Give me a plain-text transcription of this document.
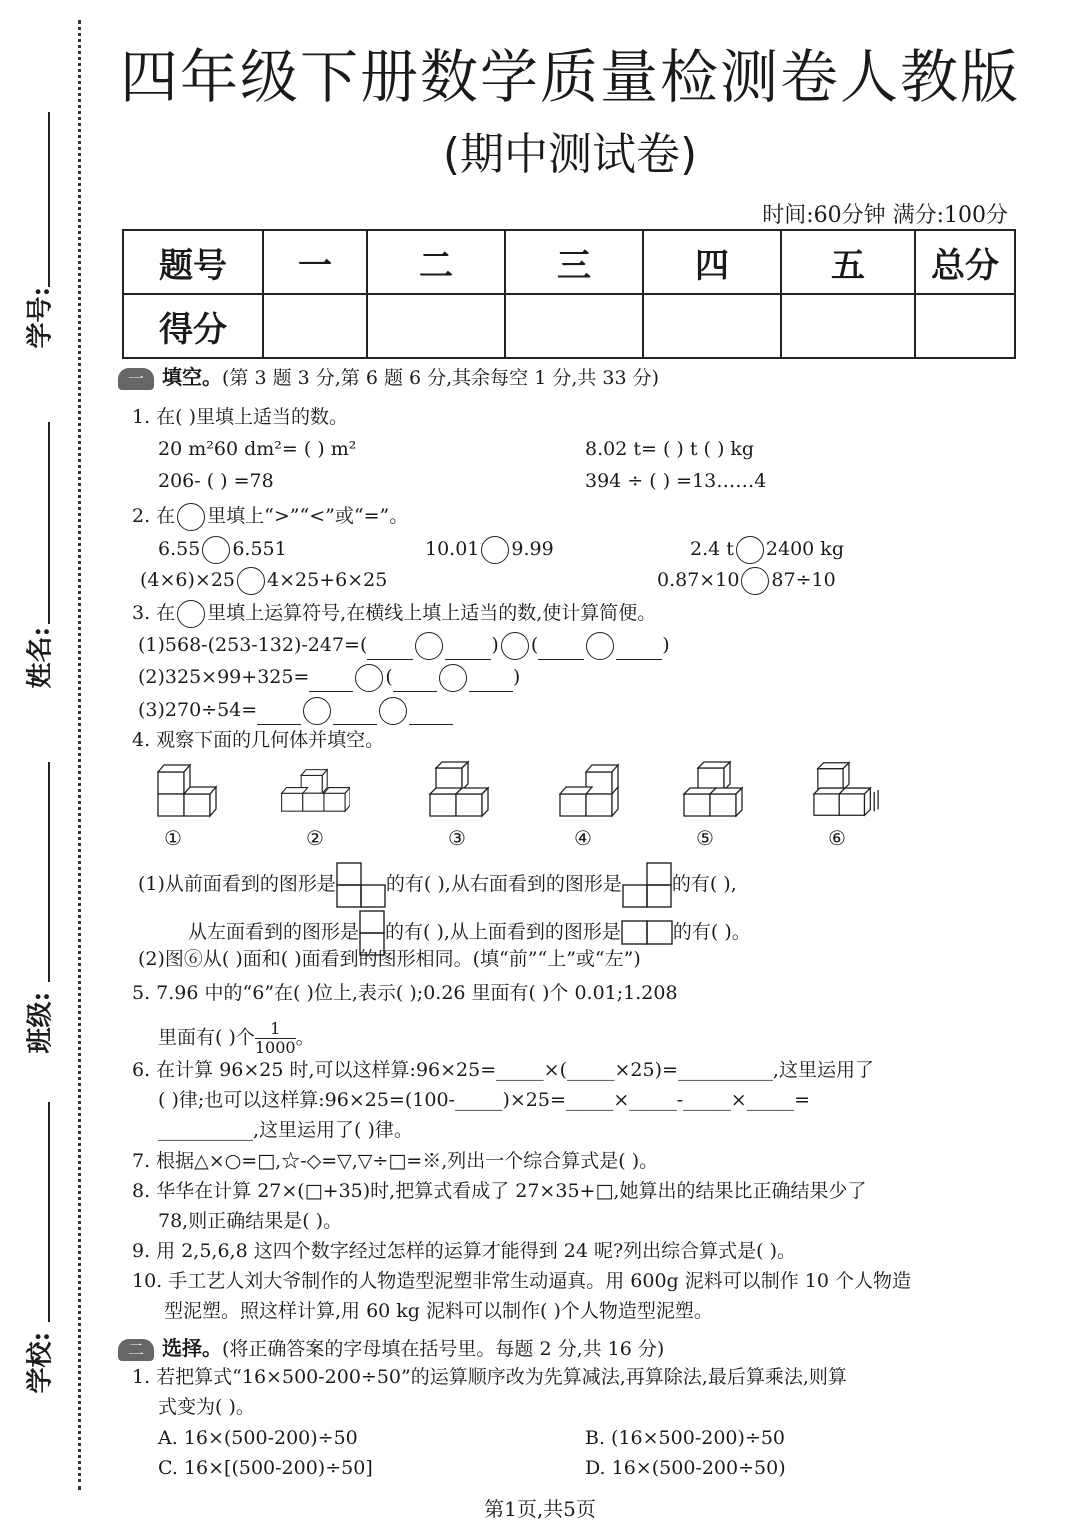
学号:
姓名:
班级:
学校:
四年级下册数学质量检测卷人教版
(期中测试卷)
时间:60分钟 满分:100分
题号	一	二	三	四	五	总分
得分						
一 填空。(第 3 题 3 分,第 6 题 6 分,其余每空 1 分,共 33 分)
1. 在( )里填上适当的数。
20 m²60 dm²= ( ) m²	8.02 t= ( ) t ( ) kg
206- ( ) =78	394 ÷ ( ) =13……4
2. 在 里填上“>”“<”或“=”。
6.55 6.551	10.01 9.99	2.4 t 2400 kg
(4×6)×25 4×25+6×25	0.87×10 87÷10
3. 在 里填上运算符号,在横线上填上适当的数,使计算简便。
(1)568-(253-132)-247=(	) (	)
(2)325×99+325=	(	)
(3)270÷54=
4. 观察下面的几何体并填空。
①	②	③	④	⑤	⑥
(1)从前面看到的图形是	的有( ),从右面看到的图形是	的有( ),
从左面看到的图形是 的有( ),从上面看到的图形是	的有( )。
(2)图⑥从( )面和( )面看到的图形相同。(填“前”“上”或“左”)
5. 7.96 中的“6”在( )位上,表示( );0.26 里面有( )个 0.01;1.208
里面有( )个 $\frac{1}{1000}$ 。
6. 在计算 96×25 时,可以这样算:96×25=_____×(_____×25)=__________,这里运用了
( )律;也可以这样算:96×25=(100-_____)×25=_____×_____-_____×_____=
__________,这里运用了( )律。
7. 根据△×○=□,☆-◇=▽,▽÷□=※,列出一个综合算式是( )。
8. 华华在计算 27×(□+35)时,把算式看成了 27×35+□,她算出的结果比正确结果少了
78,则正确结果是( )。
9. 用 2,5,6,8 这四个数字经过怎样的运算才能得到 24 呢?列出综合算式是( )。
10. 手工艺人刘大爷制作的人物造型泥塑非常生动逼真。用 600g 泥料可以制作 10 个人物造
型泥塑。照这样计算,用 60 kg 泥料可以制作( )个人物造型泥塑。
二 选择。(将正确答案的字母填在括号里。每题 2 分,共 16 分)
1. 若把算式“16×500-200÷50”的运算顺序改为先算减法,再算除法,最后算乘法,则算
式变为( )。
A. 16×(500-200)÷50	B. (16×500-200)÷50
C. 16×[(500-200)÷50]	D. 16×(500-200÷50)
第1页,共5页
